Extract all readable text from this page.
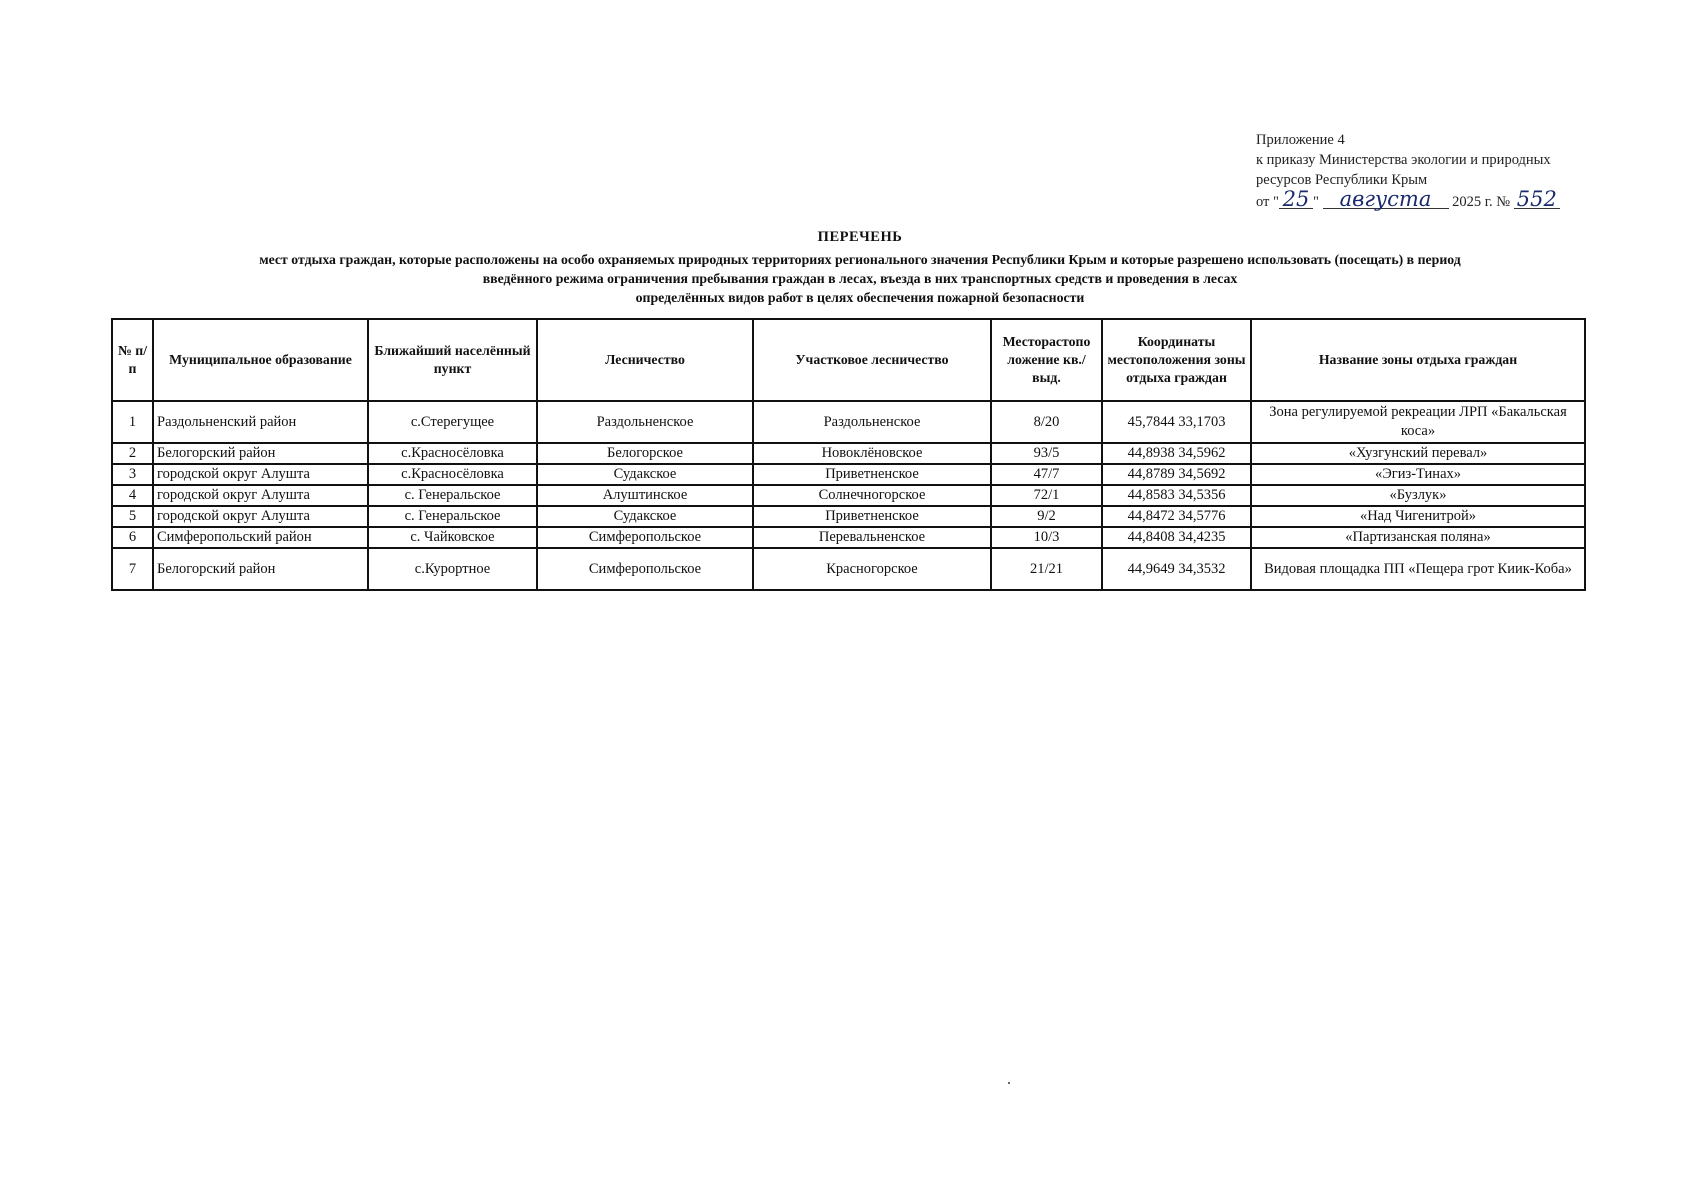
Приложение 4
к приказу Министерства экологии и природных
ресурсов Республики Крым
от " 25 " августа 2025 г. № 552
ПЕРЕЧЕНЬ
мест отдыха граждан, которые расположены на особо охраняемых природных территориях регионального значения Республики Крым и которые разрешено использовать (посещать) в период
введённого режима ограничения пребывания граждан в лесах, въезда в них транспортных средств и проведения в лесах
определённых видов работ в целях обеспечения пожарной безопасности
№ п/п	Муниципальное образование	Ближайший населённый пункт	Лесничество	Участковое лесничество	Месторастопо ложение кв./выд.	Координаты местоположения зоны отдыха граждан	Название зоны отдыха граждан
1	Раздольненский район	с.Стерегущее	Раздольненское	Раздольненское	8/20	45,7844 33,1703	Зона регулируемой рекреации ЛРП «Бакальская коса»
2	Белогорский район	с.Красносёловка	Белогорское	Новоклёновское	93/5	44,8938 34,5962	«Хузгунский перевал»
3	городской округ Алушта	с.Красносёловка	Судакское	Приветненское	47/7	44,8789 34,5692	«Эгиз-Тинах»
4	городской округ Алушта	с. Генеральское	Алуштинское	Солнечногорское	72/1	44,8583 34,5356	«Бузлук»
5	городской округ Алушта	с. Генеральское	Судакское	Приветненское	9/2	44,8472 34,5776	«Над Чигенитрой»
6	Симферопольский район	с. Чайковское	Симферопольское	Перевальненское	10/3	44,8408 34,4235	«Партизанская поляна»
7	Белогорский район	с.Курортное	Симферопольское	Красногорское	21/21	44,9649 34,3532	Видовая площадка ПП «Пещера грот Киик-Коба»
